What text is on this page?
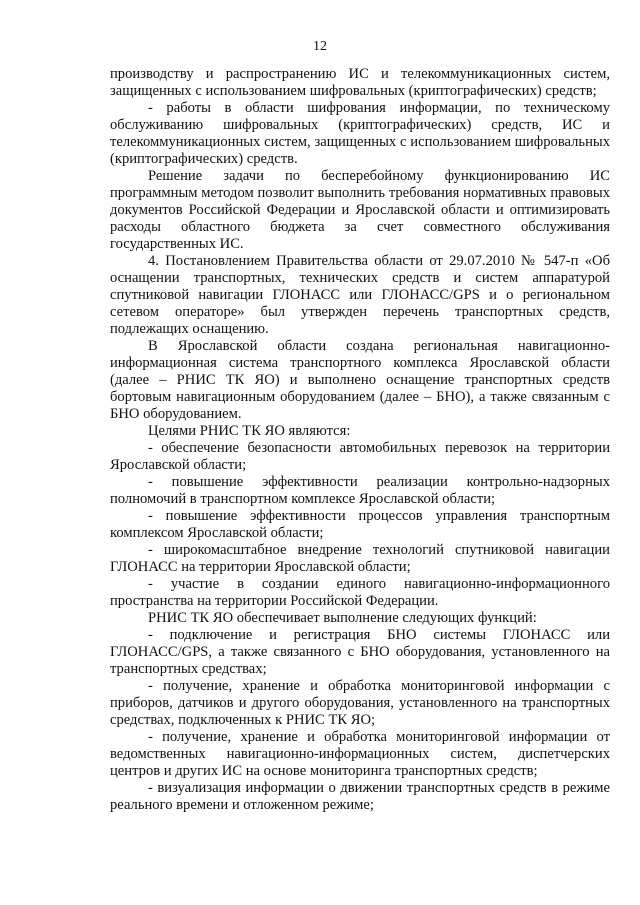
12

производству и распространению ИС и телекоммуникационных систем, защищенных с использованием шифровальных (криптографических) средств;

- работы в области шифрования информации, по техническому обслуживанию шифровальных (криптографических) средств, ИС и телекоммуникационных систем, защищенных с использованием шифровальных (криптографических) средств.

Решение задачи по бесперебойному функционированию ИС программным методом позволит выполнить требования нормативных правовых документов Российской Федерации и Ярославской области и оптимизировать расходы областного бюджета за счет совместного обслуживания государственных ИС.

4. Постановлением Правительства области от 29.07.2010 № 547-п «Об оснащении транспортных, технических средств и систем аппаратурой спутниковой навигации ГЛОНАСС или ГЛОНАСС/GPS и о региональном сетевом операторе» был утвержден перечень транспортных средств, подлежащих оснащению.

В Ярославской области создана региональная навигационно-информационная система транспортного комплекса Ярославской области (далее – РНИС ТК ЯО) и выполнено оснащение транспортных средств бортовым навигационным оборудованием (далее – БНО), а также связанным с БНО оборудованием.

Целями РНИС ТК ЯО являются:

- обеспечение безопасности автомобильных перевозок на территории Ярославской области;

- повышение эффективности реализации контрольно-надзорных полномочий в транспортном комплексе Ярославской области;

- повышение эффективности процессов управления транспортным комплексом Ярославской области;

- широкомасштабное внедрение технологий спутниковой навигации ГЛОНАСС на территории Ярославской области;

- участие в создании единого навигационно-информационного пространства на территории Российской Федерации.

РНИС ТК ЯО обеспечивает выполнение следующих функций:

- подключение и регистрация БНО системы ГЛОНАСС или ГЛОНАСС/GPS, а также связанного с БНО оборудования, установленного на транспортных средствах;

- получение, хранение и обработка мониторинговой информации с приборов, датчиков и другого оборудования, установленного на транспортных средствах, подключенных к РНИС ТК ЯО;

- получение, хранение и обработка мониторинговой информации от ведомственных навигационно-информационных систем, диспетчерских центров и других ИС на основе мониторинга транспортных средств;

- визуализация информации о движении транспортных средств в режиме реального времени и отложенном режиме;
